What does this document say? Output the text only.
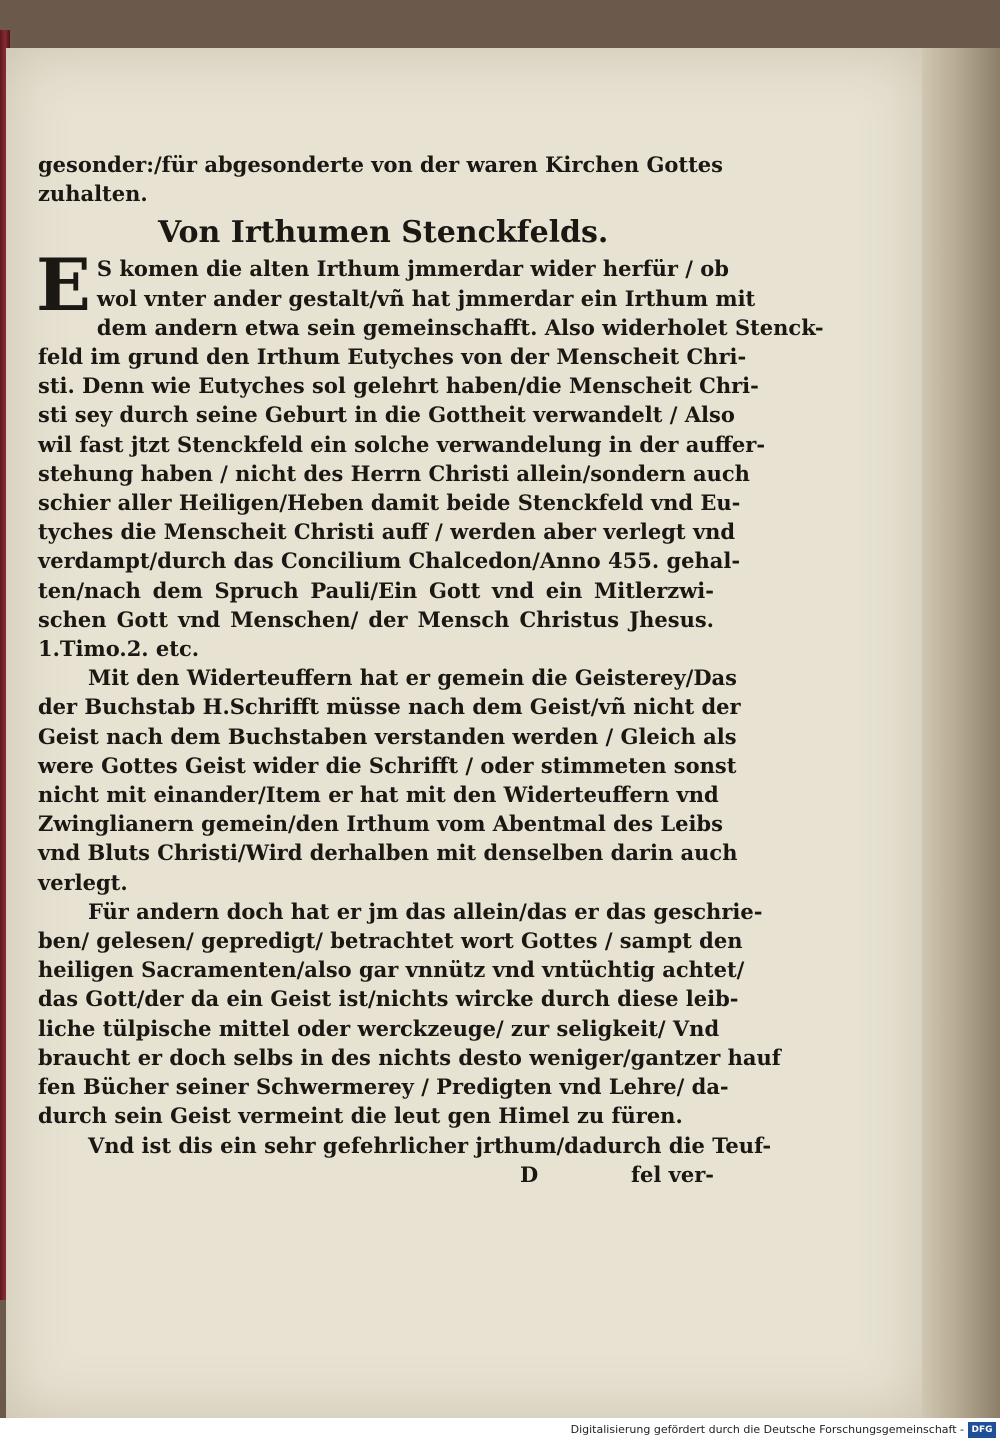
gesonder:/für abgesonderte von der waren Kirchen Gottes
zuhalten.
Von Irthumen Stenckfelds.
E S komen die alten Irthum jmmerdar wider herfür / ob
wol vnter ander gestalt/vñ hat jmmerdar ein Irthum mit
dem andern etwa sein gemeinschafft. Also widerholet Stenck-
feld im grund den Irthum Eutyches von der Menscheit Chri-
sti. Denn wie Eutyches sol gelehrt haben/die Menscheit Chri-
sti sey durch seine Geburt in die Gottheit verwandelt / Also
wil fast jtzt Stenckfeld ein solche verwandelung in der auffer-
stehung haben / nicht des Herrn Christi allein/sondern auch
schier aller Heiligen/Heben damit beide Stenckfeld vnd Eu-
tyches die Menscheit Christi auff / werden aber verlegt vnd
verdampt/durch das Concilium Chalcedon/Anno 455. gehal-
ten/nach dem Spruch Pauli/Ein Gott vnd ein Mitlerzwi-
schen Gott vnd Menschen/ der Mensch Christus Jhesus.
1.Timo.2. etc.
Mit den Widerteuffern hat er gemein die Geisterey/Das
der Buchstab H.Schrifft müsse nach dem Geist/vñ nicht der
Geist nach dem Buchstaben verstanden werden / Gleich als
were Gottes Geist wider die Schrifft / oder stimmeten sonst
nicht mit einander/Item er hat mit den Widerteuffern vnd
Zwinglianern gemein/den Irthum vom Abentmal des Leibs
vnd Bluts Christi/Wird derhalben mit denselben darin auch
verlegt.
Für andern doch hat er jm das allein/das er das geschrie-
ben/ gelesen/ gepredigt/ betrachtet wort Gottes / sampt den
heiligen Sacramenten/also gar vnnütz vnd vntüchtig achtet/
das Gott/der da ein Geist ist/nichts wircke durch diese leib-
liche tülpische mittel oder werckzeuge/ zur seligkeit/ Vnd
braucht er doch selbs in des nichts desto weniger/gantzer hauf
fen Bücher seiner Schwermerey / Predigten vnd Lehre/ da-
durch sein Geist vermeint die leut gen Himel zu füren.
Vnd ist dis ein sehr gefehrlicher jrthum/dadurch die Teuf-
D	fel ver-
Digitalisierung gefördert durch die Deutsche Forschungsgemeinschaft - DFG
